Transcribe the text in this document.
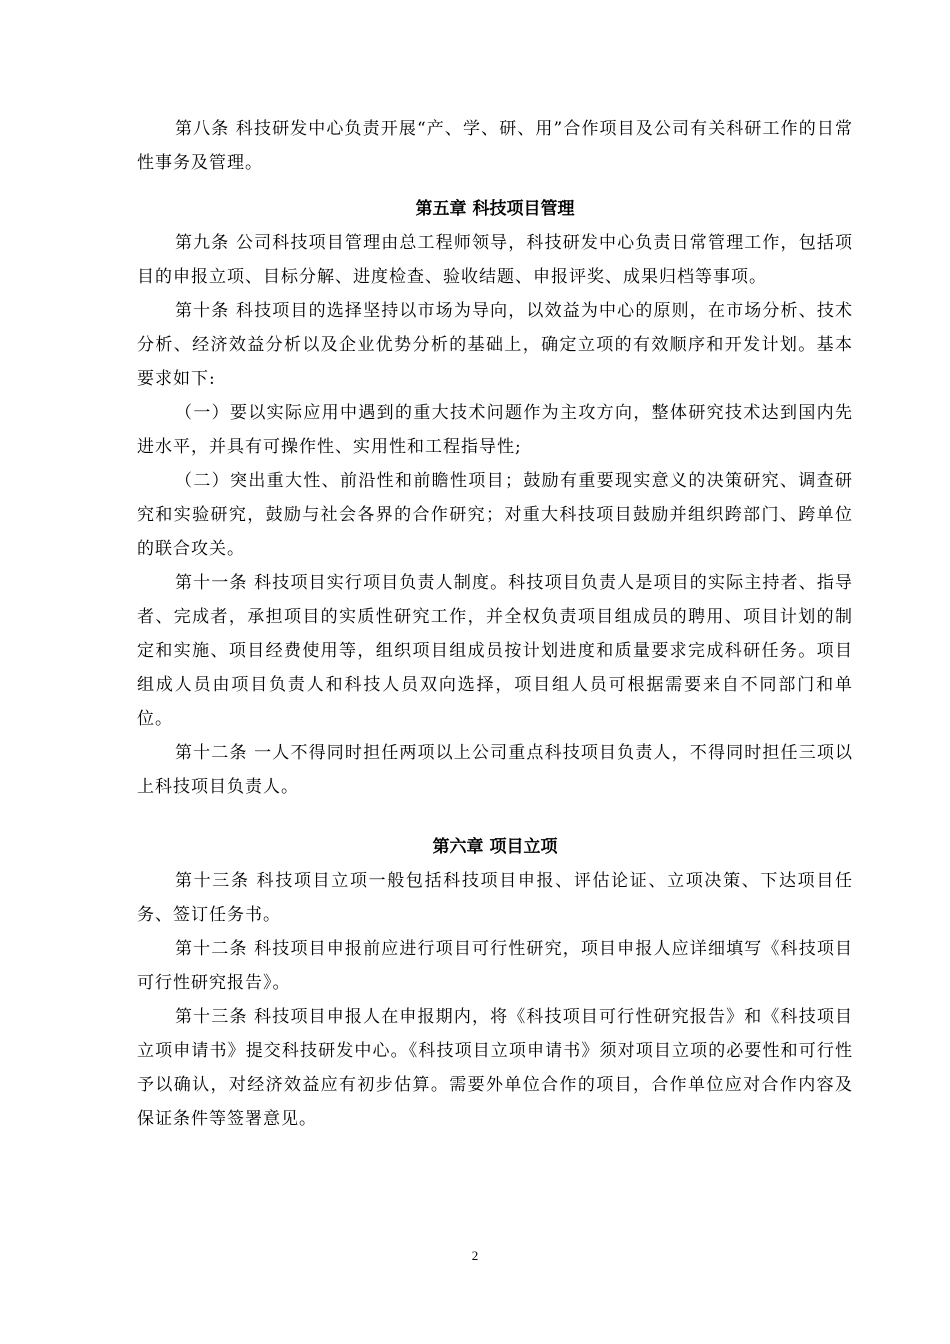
第八条 科技研发中心负责开展“产、学、研、用”合作项目及公司有关科研工作的日常性事务及管理。

第五章 科技项目管理

第九条 公司科技项目管理由总工程师领导，科技研发中心负责日常管理工作，包括项目的申报立项、目标分解、进度检查、验收结题、申报评奖、成果归档等事项。

第十条 科技项目的选择坚持以市场为导向，以效益为中心的原则，在市场分析、技术分析、经济效益分析以及企业优势分析的基础上，确定立项的有效顺序和开发计划。基本要求如下:

（一）要以实际应用中遇到的重大技术问题作为主攻方向，整体研究技术达到国内先进水平，并具有可操作性、实用性和工程指导性;

（二）突出重大性、前沿性和前瞻性项目；鼓励有重要现实意义的决策研究、调查研究和实验研究，鼓励与社会各界的合作研究；对重大科技项目鼓励并组织跨部门、跨单位的联合攻关。

第十一条 科技项目实行项目负责人制度。科技项目负责人是项目的实际主持者、指导者、完成者，承担项目的实质性研究工作，并全权负责项目组成员的聘用、项目计划的制定和实施、项目经费使用等，组织项目组成员按计划进度和质量要求完成科研任务。项目组成人员由项目负责人和科技人员双向选择，项目组人员可根据需要来自不同部门和单位。

第十二条 一人不得同时担任两项以上公司重点科技项目负责人，不得同时担任三项以上科技项目负责人。

第六章 项目立项

第十三条 科技项目立项一般包括科技项目申报、评估论证、立项决策、下达项目任务、签订任务书。

第十二条 科技项目申报前应进行项目可行性研究，项目申报人应详细填写《科技项目可行性研究报告》。

第十三条 科技项目申报人在申报期内，将《科技项目可行性研究报告》和《科技项目立项申请书》提交科技研发中心。《科技项目立项申请书》须对项目立项的必要性和可行性予以确认，对经济效益应有初步估算。需要外单位合作的项目，合作单位应对合作内容及保证条件等签署意见。

2
